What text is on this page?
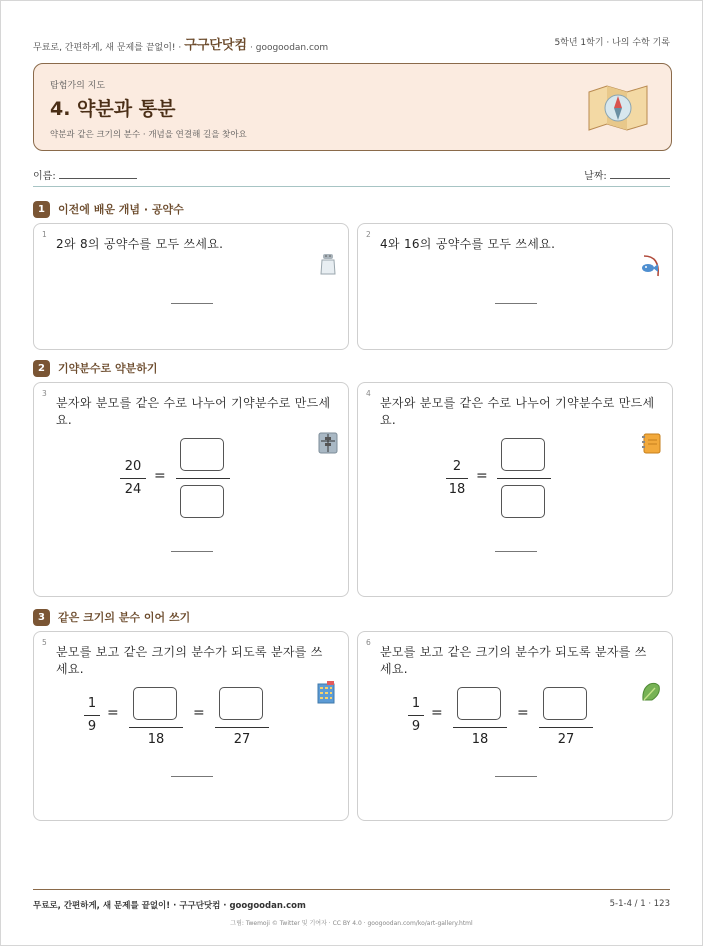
무료로, 간편하게, 새 문제를 끝없이! · 구구단닷컴 · googoodan.com	5학년 1학기 · 나의 수학 기록
탐험가의 지도
4. 약분과 통분
약분과 같은 크기의 분수 · 개념을 연결해 길을 찾아요
이름:	날짜:
1	이전에 배운 개념 · 공약수
1
2와 8의 공약수를 모두 쓰세요.
2
4와 16의 공약수를 모두 쓰세요.
2	기약분수로 약분하기
3
분자와 분모를 같은 수로 나누어 기약분수로 만드세요.
20
24
=
4
분자와 분모를 같은 수로 나누어 기약분수로 만드세요.
2
18
=
3	같은 크기의 분수 이어 쓰기
5
분모를 보고 같은 크기의 분수가 되도록 분자를 쓰세요.
1
9
=
18
=
27
6
분모를 보고 같은 크기의 분수가 되도록 분자를 쓰세요.
1
9
=
18
=
27
무료로, 간편하게, 새 문제를 끝없이! · 구구단닷컴 · googoodan.com	5-1-4 / 1 · 123
그림: Twemoji © Twitter 및 기여자 · CC BY 4.0 · googoodan.com/ko/art-gallery.html
